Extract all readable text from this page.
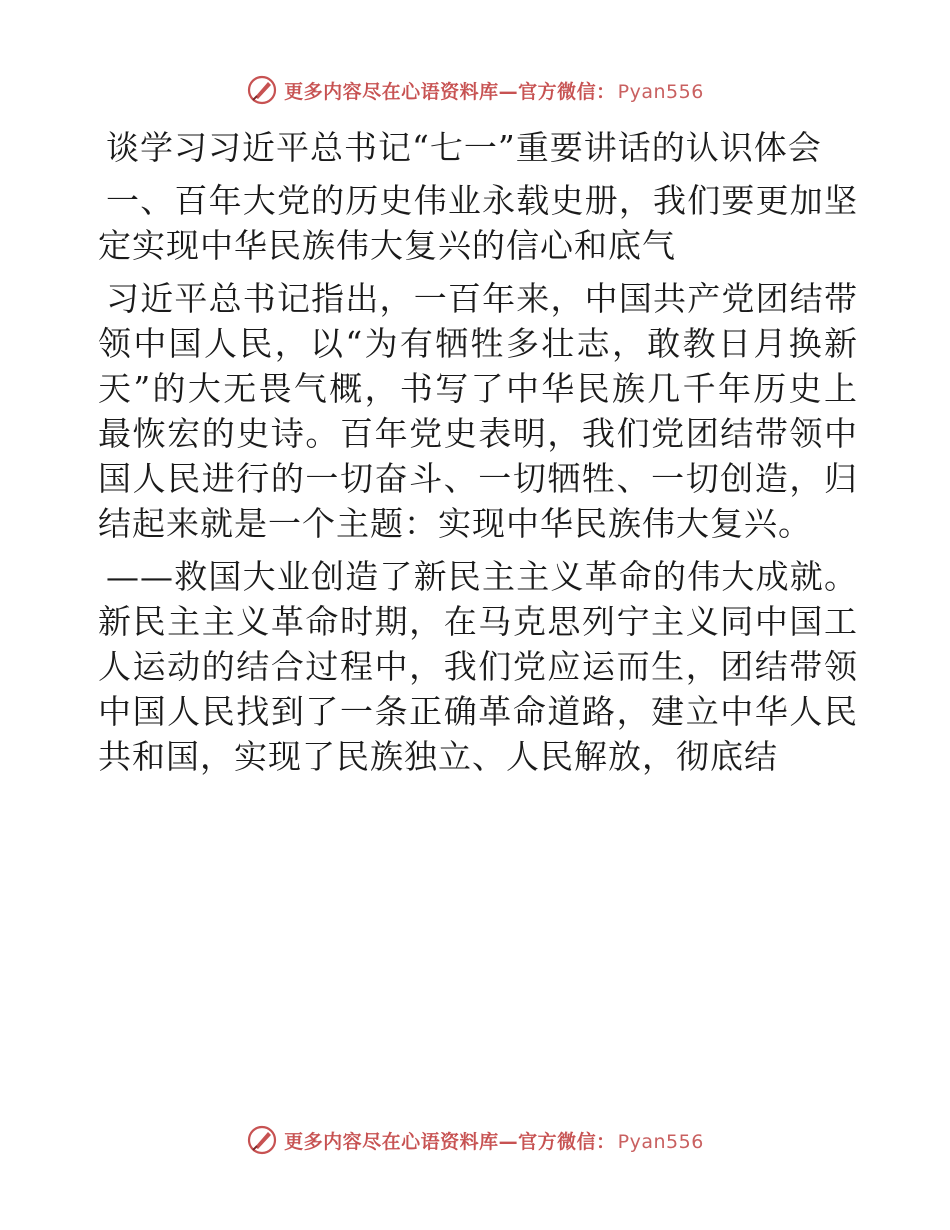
更多内容尽在心语资料库—官方微信： Pyan556

谈学习习近平总书记“七一”重要讲话的认识体会

一、百年大党的历史伟业永载史册，我们要更加坚定实现中华民族伟大复兴的信心和底气

习近平总书记指出，一百年来，中国共产党团结带领中国人民，以“为有牺牲多壮志，敢教日月换新天”的大无畏气概，书写了中华民族几千年历史上最恢宏的史诗。百年党史表明，我们党团结带领中国人民进行的一切奋斗、一切牺牲、一切创造，归结起来就是一个主题：实现中华民族伟大复兴。

——救国大业创造了新民主主义革命的伟大成就。新民主主义革命时期，在马克思列宁主义同中国工人运动的结合过程中，我们党应运而生，团结带领中国人民找到了一条正确革命道路，建立中华人民共和国，实现了民族独立、人民解放，彻底结

更多内容尽在心语资料库—官方微信： Pyan556
